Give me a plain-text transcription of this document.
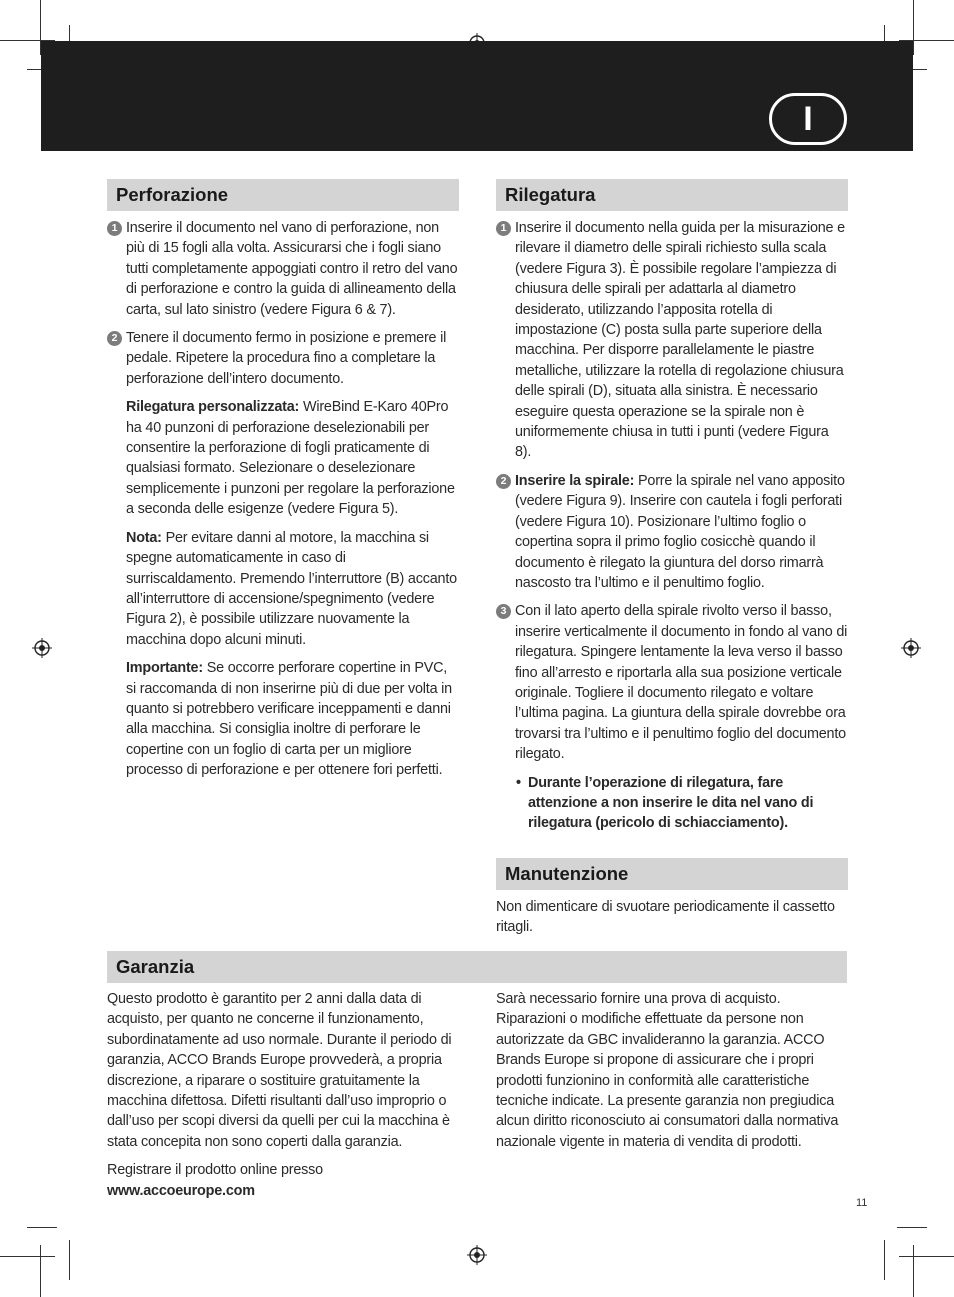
I
Perforazione
1 Inserire il documento nel vano di perforazione, non più di 15 fogli alla volta. Assicurarsi che i fogli siano tutti completamente appoggiati contro il retro del vano di perforazione e contro la guida di allineamento della carta, sul lato sinistro (vedere Figura 6 & 7).
2 Tenere il documento fermo in posizione e premere il pedale. Ripetere la procedura fino a completare la perforazione dell’intero documento.
Rilegatura personalizzata: WireBind E-Karo 40Pro ha 40 punzoni di perforazione deselezionabili per consentire la perforazione di fogli praticamente di qualsiasi formato. Selezionare o deselezionare semplicemente i punzoni per regolare la perforazione a seconda delle esigenze (vedere Figura 5).
Nota: Per evitare danni al motore, la macchina si spegne automaticamente in caso di surriscaldamento. Premendo l’interruttore (B) accanto all’interruttore di accensione/spegnimento (vedere Figura 2), è possibile utilizzare nuovamente la macchina dopo alcuni minuti.
Importante: Se occorre perforare copertine in PVC, si raccomanda di non inserirne più di due per volta in quanto si potrebbero verificare inceppamenti e danni alla macchina. Si consiglia inoltre di perforare le copertine con un foglio di carta per un migliore processo di perforazione e per ottenere fori perfetti.
Rilegatura
1 Inserire il documento nella guida per la misurazione e rilevare il diametro delle spirali richiesto sulla scala (vedere Figura 3). È possibile regolare l’ampiezza di chiusura delle spirali per adattarla al diametro desiderato, utilizzando l’apposita rotella di impostazione (C) posta sulla parte superiore della macchina. Per disporre parallelamente le piastre metalliche, utilizzare la rotella di regolazione chiusura delle spirali (D), situata alla sinistra. È necessario eseguire questa operazione se la spirale non è uniformemente chiusa in tutti i punti (vedere Figura 8).
2 Inserire la spirale: Porre la spirale nel vano apposito (vedere Figura 9). Inserire con cautela i fogli perforati (vedere Figura 10). Posizionare l’ultimo foglio o copertina sopra il primo foglio cosicchè quando il documento è rilegato la giuntura del dorso rimarrà nascosto tra l’ultimo e il penultimo foglio.
3 Con il lato aperto della spirale rivolto verso il basso, inserire verticalmente il documento in fondo al vano di rilegatura. Spingere lentamente la leva verso il basso fino all’arresto e riportarla alla sua posizione verticale originale. Togliere il documento rilegato e voltare l’ultima pagina. La giuntura della spirale dovrebbe ora trovarsi tra l’ultimo e il penultimo foglio del documento rilegato.
• Durante l’operazione di rilegatura, fare attenzione a non inserire le dita nel vano di rilegatura (pericolo di schiacciamento).
Manutenzione
Non dimenticare di svuotare periodicamente il cassetto ritagli.
Garanzia
Questo prodotto è garantito per 2 anni dalla data di acquisto, per quanto ne concerne il funzionamento, subordinatamente ad uso normale. Durante il periodo di garanzia, ACCO Brands Europe provvederà, a propria discrezione, a riparare o sostituire gratuitamente la macchina difettosa. Difetti risultanti dall’uso improprio o dall’uso per scopi diversi da quelli per cui la macchina è stata concepita non sono coperti dalla garanzia.
Registrare il prodotto online presso www.accoeurope.com
Sarà necessario fornire una prova di acquisto. Riparazioni o modifiche effettuate da persone non autorizzate da GBC invalideranno la garanzia. ACCO Brands Europe si propone di assicurare che i propri prodotti funzionino in conformità alle caratteristiche tecniche indicate. La presente garanzia non pregiudica alcun diritto riconosciuto ai consumatori dalla normativa nazionale vigente in materia di vendita di prodotti.
11
